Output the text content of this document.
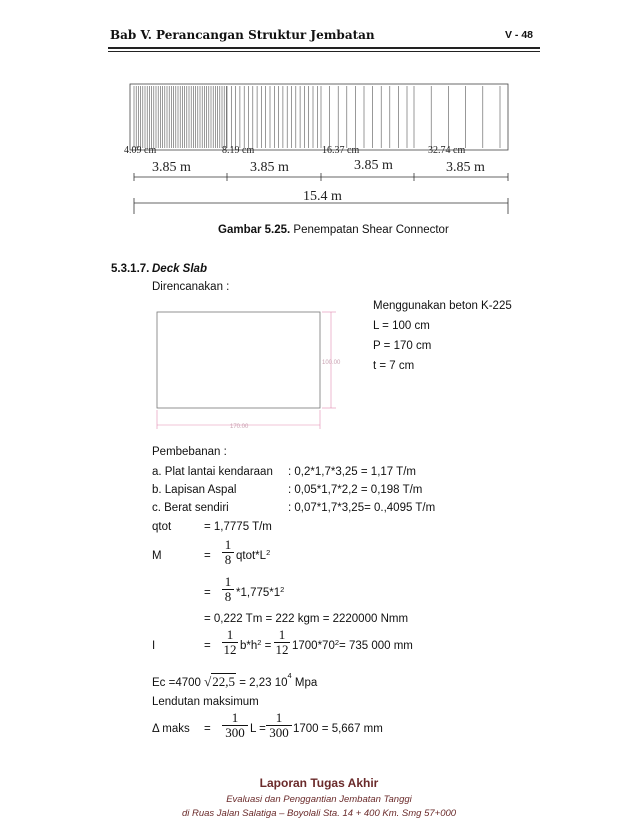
Bab V. Perancangan Struktur Jembatan	V - 48
4.09 cm	8.19 cm	16.37 cm	32.74 cm
3.85 m	3.85 m	3.85 m	3.85 m
15.4 m
Gambar 5.25. Penempatan Shear Connector
5.3.1.7. Deck Slab
Direncanakan :
Menggunakan beton K-225
L = 100 cm
P = 170 cm
t = 7 cm
100.00
170.00
Pembebanan :
a. Plat lantai kendaraan : 0,2*1,7*3,25 = 1,17 T/m
b. Lapisan Aspal	: 0,05*1,7*2,2 = 0,198 T/m
c. Berat sendiri	: 0,07*1,7*3,25= 0.,4095 T/m
qtot	= 1,7775 T/m
M	=
1
8 $qtot*L^2$
=
1
8 $*1,775*1^2$
= 0,222 Tm = 222 kgm = 2220000 Nmm
I	=
1
12 $b*h^2$ =
1
12 $1700*70^2= 735$ 000 mm
Ec =4700 √22,5 = 2,23 $10^4$ Mpa
Lendutan maksimum
Δ maks =
1
300 L =
1
300 1700 = 5,667 mm
Laporan Tugas Akhir
Evaluasi dan Penggantian Jembatan Tanggi
di Ruas Jalan Salatiga – Boyolali Sta. 14 + 400 Km. Smg 57+000
